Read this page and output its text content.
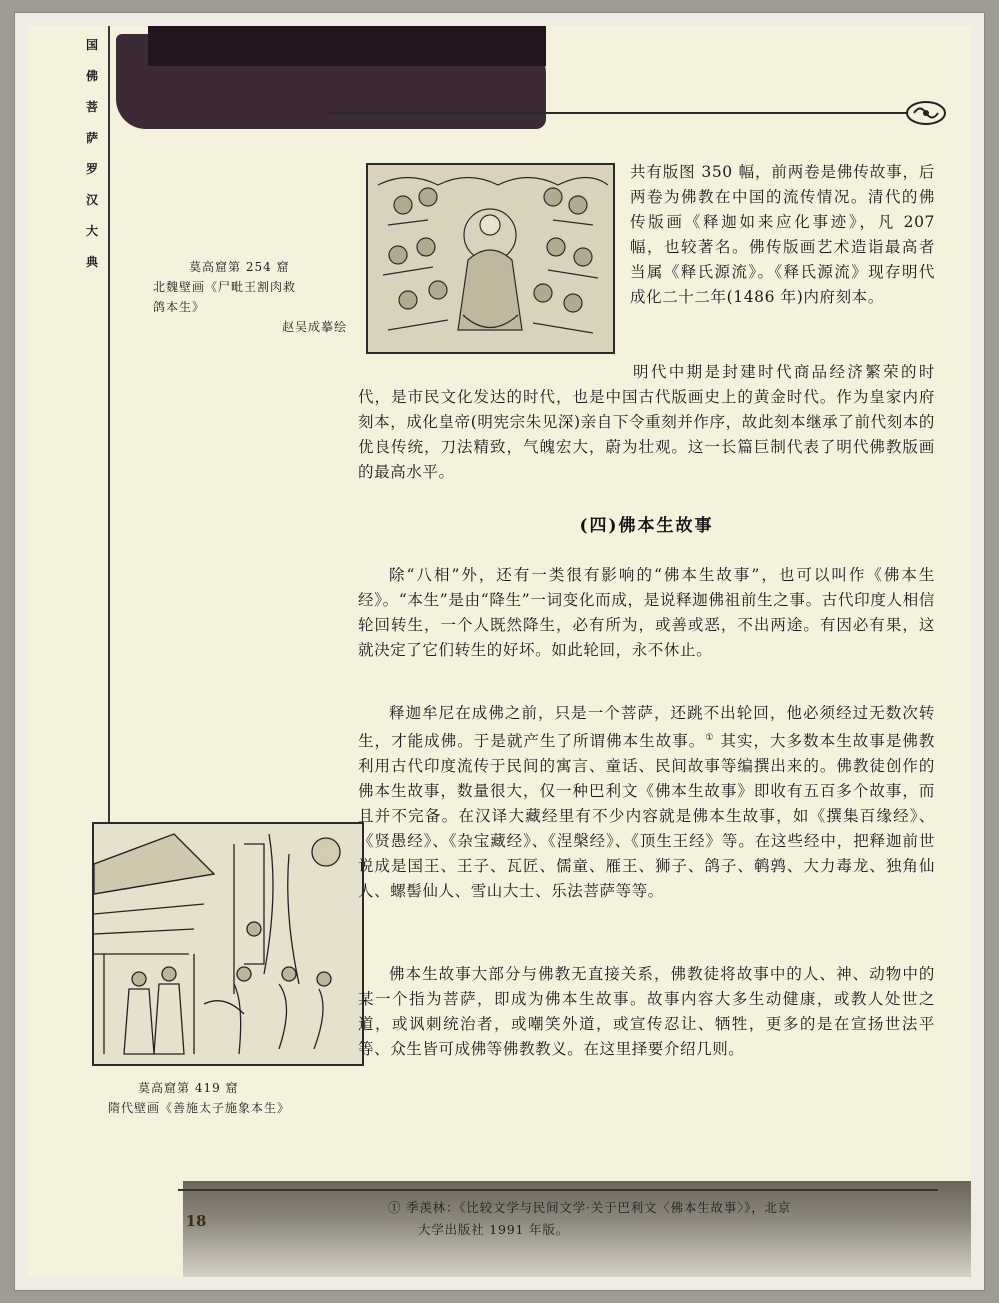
国
佛
菩
萨
罗
汉
大
典	莫高窟第 254 窟
北魏壁画《尸毗王割肉救
鸽本生》
赵吴成摹绘
莫高窟第 419 窟
隋代壁画《善施太子施象本生》
共有版图 350 幅，前两卷是佛传故事，后两卷为佛教在中国的流传情况。清代的佛传版画《释迦如来应化事迹》，凡 207 幅，也较著名。佛传版画艺术造诣最高者当属《释氏源流》。《释氏源流》现存明代成化二十二年(1486 年)内府刻本。
明代中期是封建时代商品经济繁荣的时代，是市民文化发达的时代，也是中国古代版画史上的黄金时代。作为皇家内府刻本，成化皇帝(明宪宗朱见深)亲自下令重刻并作序，故此刻本继承了前代刻本的优良传统，刀法精致，气魄宏大，蔚为壮观。这一长篇巨制代表了明代佛教版画的最高水平。
(四)佛本生故事
除“八相”外，还有一类很有影响的“佛本生故事”，也可以叫作《佛本生经》。“本生”是由“降生”一词变化而成，是说释迦佛祖前生之事。古代印度人相信轮回转生，一个人既然降生，必有所为，或善或恶，不出两途。有因必有果，这就决定了它们转生的好坏。如此轮回，永不休止。
释迦牟尼在成佛之前，只是一个菩萨，还跳不出轮回，他必须经过无数次转生，才能成佛。于是就产生了所谓佛本生故事。① 其实，大多数本生故事是佛教利用古代印度流传于民间的寓言、童话、民间故事等编撰出来的。佛教徒创作的佛本生故事，数量很大，仅一种巴利文《佛本生故事》即收有五百多个故事，而且并不完备。在汉译大藏经里有不少内容就是佛本生故事，如《撰集百缘经》、《贤愚经》、《杂宝藏经》、《涅槃经》、《顶生王经》等。在这些经中，把释迦前世说成是国王、王子、瓦匠、儒童、雁王、狮子、鸽子、鹌鹑、大力毒龙、独角仙人、螺髻仙人、雪山大士、乐法菩萨等等。
佛本生故事大部分与佛教无直接关系，佛教徒将故事中的人、神、动物中的某一个指为菩萨，即成为佛本生故事。故事内容大多生动健康，或教人处世之道，或讽刺统治者，或嘲笑外道，或宣传忍让、牺牲，更多的是在宣扬世法平等、众生皆可成佛等佛教教义。在这里择要介绍几则。
18
① 季羡林：《比较文学与民间文学·关于巴利文〈佛本生故事〉》，北京
大学出版社 1991 年版。
